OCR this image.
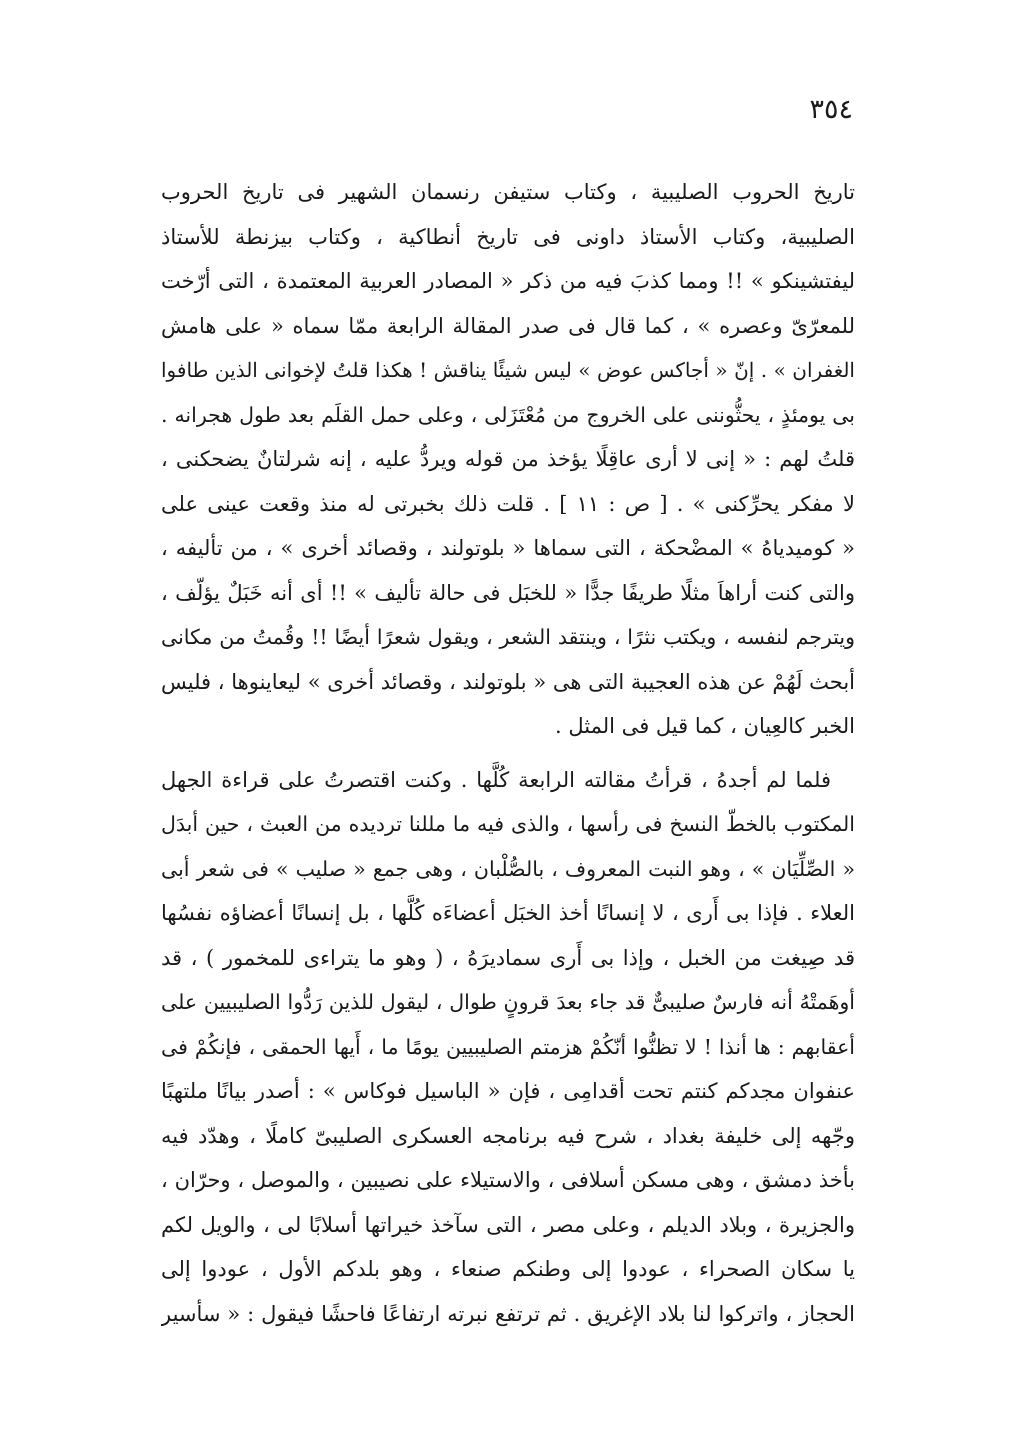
٣٥٤

تاريخ الحروب الصليبية ، وكتاب ستيفن رنسمان الشهير فى تاريخ الحروب
الصليبية، وكتاب الأستاذ داونى فى تاريخ أنطاكية ، وكتاب بيزنطة للأستاذ
ليفتشينكو » !! ومما كذبَ فيه من ذكر « المصادر العربية المعتمدة ، التى أرّخت
للمعرّىّ وعصره » ، كما قال فى صدر المقالة الرابعة ممّا سماه « على هامش
الغفران » . إنّ « أجاكس عوض » ليس شيئًا يناقش ! هكذا قلتُ لإخوانى الذين طافوا
بى يومئذٍ ، يحثُّوننى على الخروج من مُعْتَزَلى ، وعلى حمل القلَم بعد طول هجرانه .
قلتُ لهم : « إنى لا أرى عاقِلًا يؤخذ من قوله ويردُّ عليه ، إنه شرلتانٌ يضحكنى ،
لا مفكر يحرِّكنى » . [ ص : ١١ ] . قلت ذلك بخبرتى له منذ وقعت عينى على
« كوميدياهُ » المضْحكة ، التى سماها « بلوتولند ، وقصائد أخرى » ، من تأليفه ،
والتى كنت أراهاَ مثلًا طريفًا جدًّا « للخبَل فى حالة تأليف » !! أى أنه خَبَلٌ يؤلّف ،
ويترجم لنفسه ، ويكتب نثرًا ، وينتقد الشعر ، ويقول شعرًا أيضًا !! وقُمتُ من مكانى
أبحث لَهُمْ عن هذه العجيبة التى هى « بلوتولند ، وقصائد أخرى » ليعاينوها ، فليس
الخبر كالعِيان ، كما قيل فى المثل .

فلما لم أجدهُ ، قرأتُ مقالته الرابعة كُلَّها . وكنت اقتصرتُ على قراءة الجهل
المكتوب بالخطّ النسخ فى رأسها ، والذى فيه ما مللنا ترديده من العبث ، حين أبدَل
« الصِّلِّيَان » ، وهو النبت المعروف ، بالصُّلْبان ، وهى جمع « صليب » فى شعر أبى
العلاء . فإذا بى أَرى ، لا إنسانًا أخذ الخبَل أعضاءَه كُلَّها ، بل إنسانًا أعضاؤه نفسُها
قد صِيغت من الخبل ، وإذا بى أَرى سماديرَهُ ، ( وهو ما يتراءى للمخمور ) ، قد
أوهَمتْهُ أنه فارسٌ صليبىٌّ قد جاء بعدَ قرونٍ طوال ، ليقول للذين رَدُّوا الصليبيين على
أعقابهم : ها أنذا ! لا تظنُّوا أنّكُمْ هزمتم الصليبيين يومًا ما ، أَيها الحمقى ، فإنكُمْ فى
عنفوان مجدكم كنتم تحت أقدامِى ، فإن « الباسيل فوكاس » : أصدر بيانًا ملتهبًا
وجّهه إلى خليفة بغداد ، شرح فيه برنامجه العسكرى الصليبىّ كاملًا ، وهدّد فيه
بأخذ دمشق ، وهى مسكن أسلافى ، والاستيلاء على نصيبين ، والموصل ، وحرّان ،
والجزيرة ، وبلاد الديلم ، وعلى مصر ، التى سآخذ خيراتها أسلابًا لى ، والويل لكم
يا سكان الصحراء ، عودوا إلى وطنكم صنعاء ، وهو بلدكم الأول ، عودوا إلى
الحجاز ، واتركوا لنا بلاد الإغريق . ثم ترتفع نبرته ارتفاعًا فاحشًا فيقول : « سأسير
